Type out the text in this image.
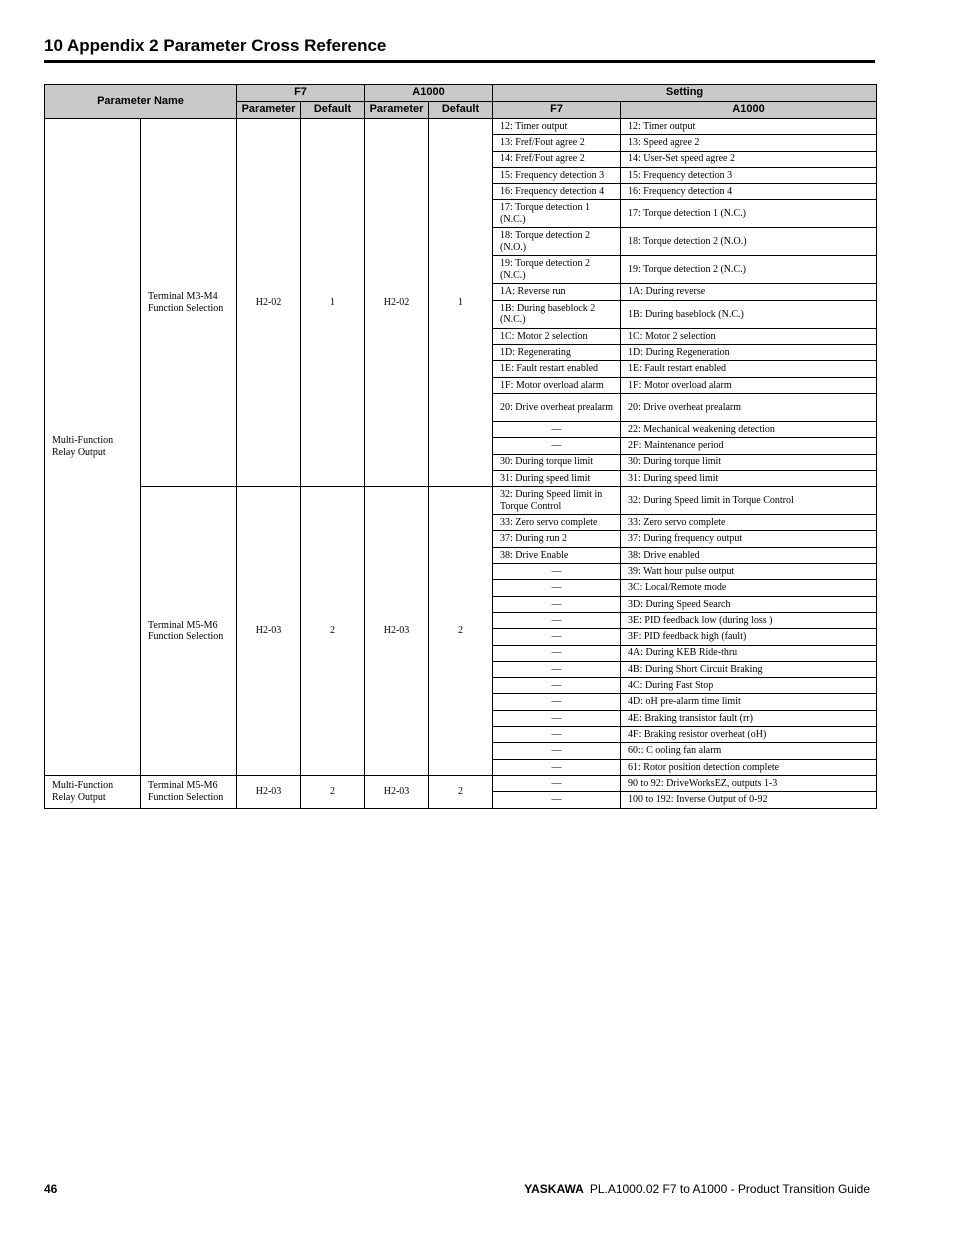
10 Appendix 2 Parameter Cross Reference
Parameter Name		F7		A1000		Setting	
		Parameter	Default	Parameter	Default	F7	A1000
Multi-Function Relay Output	Terminal M3-M4 Function Selection	H2-02	1	H2-02	1	12: Timer output	12: Timer output
						13: Fref/Fout agree 2	13: Speed agree 2
						14: Fref/Fout agree 2	14: User-Set speed agree 2
						15: Frequency detection 3	15: Frequency detection 3
						16: Frequency detection 4	16: Frequency detection 4
						17: Torque detection 1 (N.C.)	17: Torque detection 1 (N.C.)
						18: Torque detection 2 (N.O.)	18: Torque detection 2 (N.O.)
						19: Torque detection 2 (N.C.)	19: Torque detection 2 (N.C.)
						1A: Reverse run	1A: During reverse
						1B: During baseblock 2 (N.C.)	1B: During baseblock (N.C.)
						1C: Motor 2 selection	1C: Motor 2 selection
						1D: Regenerating	1D: During Regeneration
						1E: Fault restart enabled	1E: Fault restart enabled
						1F: Motor overload alarm	1F: Motor overload alarm
						20: Drive overheat prealarm	20: Drive overheat prealarm
						—	22: Mechanical weakening detection
						—	2F: Maintenance period
						30: During torque limit	30: During torque limit
						31: During speed limit	31: During speed limit
	Terminal M5-M6 Function Selection	H2-03	2	H2-03	2	32: During Speed limit in Torque Control	32: During Speed limit in Torque Control
						33: Zero servo complete	33: Zero servo complete
						37: During run 2	37: During frequency output
						38: Drive Enable	38: Drive enabled
						—	39: Watt hour pulse output
						—	3C: Local/Remote mode
						—	3D: During Speed Search
						—	3E: PID feedback low (during loss )
						—	3F: PID feedback high (fault)
						—	4A: During KEB Ride-thru
						—	4B: During Short Circuit Braking
						—	4C: During Fast Stop
						—	4D: oH pre-alarm time limit
						—	4E: Braking transistor fault (rr)
						—	4F: Braking resistor overheat (oH)
						—	60:: C ooling fan alarm
						—	61: Rotor position detection complete
Multi-Function Relay Output	Terminal M5-M6 Function Selection	H2-03	2	H2-03	2	—	90 to 92: DriveWorksEZ, outputs 1-3
						—	100 to 192: Inverse Output of 0-92
46	YASKAWA PL.A1000.02 F7 to A1000 - Product Transition Guide
